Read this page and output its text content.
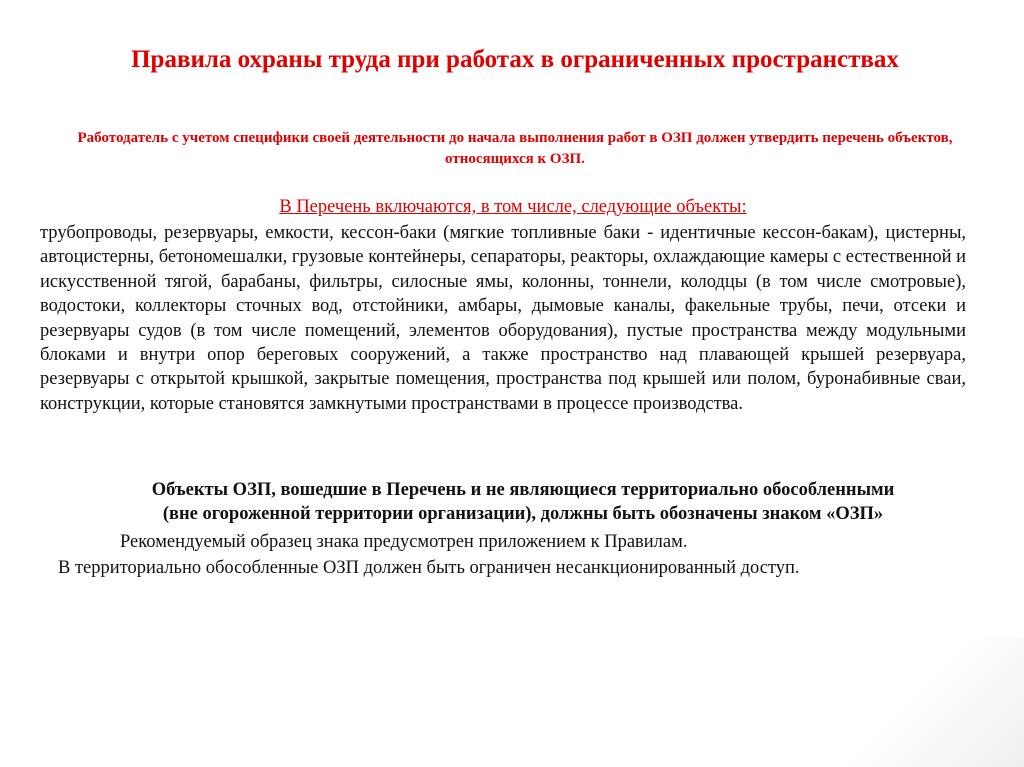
Правила охраны труда при работах в ограниченных пространствах

Работодатель с учетом специфики своей деятельности до начала выполнения работ в ОЗП должен утвердить перечень объектов, относящихся к ОЗП.

В Перечень включаются, в том числе, следующие объекты:

трубопроводы, резервуары, емкости, кессон-баки (мягкие топливные баки - идентичные кессон-бакам), цистерны, автоцистерны, бетономешалки, грузовые контейнеры, сепараторы, реакторы, охлаждающие камеры с естественной и искусственной тягой, барабаны, фильтры, силосные ямы, колонны, тоннели, колодцы (в том числе смотровые), водостоки, коллекторы сточных вод, отстойники, амбары, дымовые каналы, факельные трубы, печи, отсеки и резервуары судов (в том числе помещений, элементов оборудования), пустые пространства между модульными блоками и внутри опор береговых сооружений, а также пространство над плавающей крышей резервуара, резервуары с открытой крышкой, закрытые помещения, пространства под крышей или полом, буронабивные сваи, конструкции, которые становятся замкнутыми пространствами в процессе производства.

Объекты ОЗП, вошедшие в Перечень и не являющиеся территориально обособленными

(вне огороженной территории организации), должны быть обозначены знаком «ОЗП»

Рекомендуемый образец знака предусмотрен приложением к Правилам.

В территориально обособленные ОЗП должен быть ограничен несанкционированный доступ.
